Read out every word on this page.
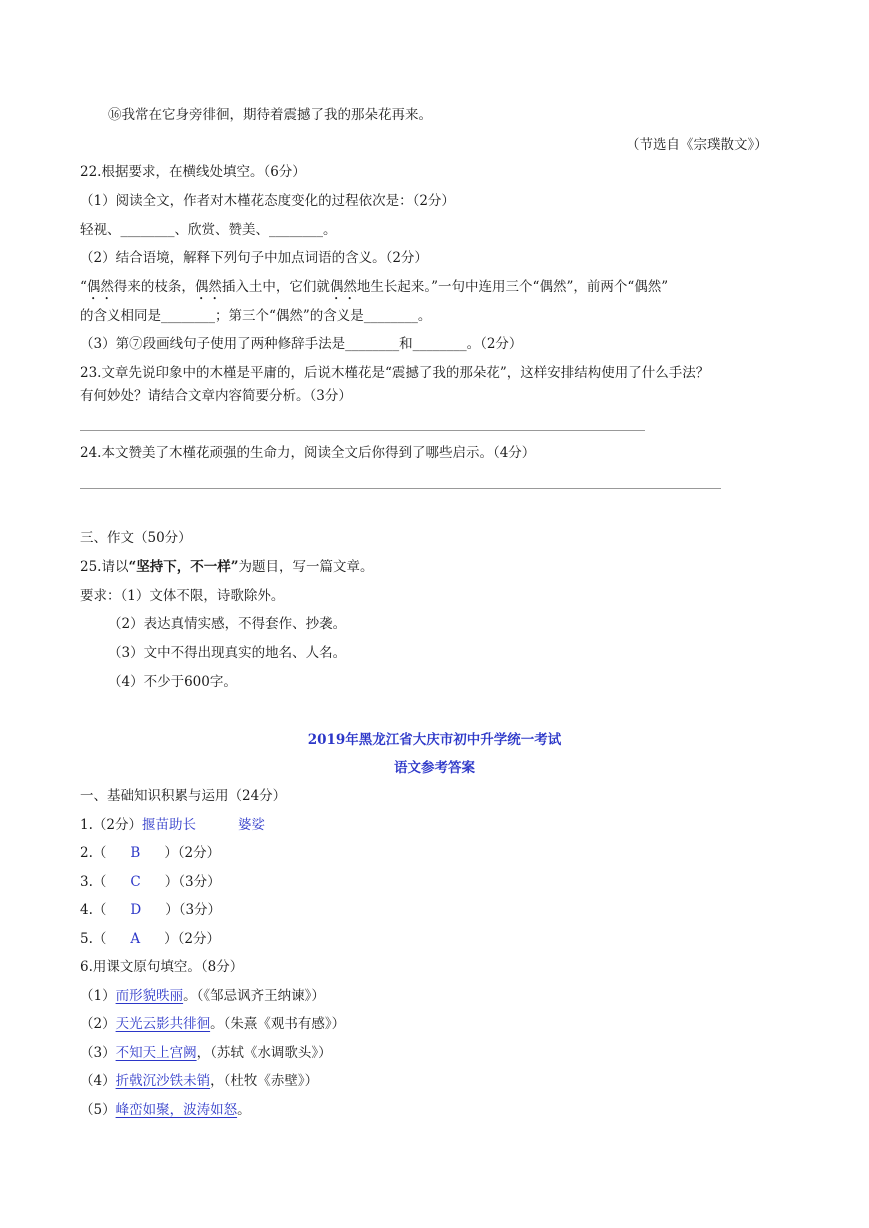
⑯我常在它身旁徘徊，期待着震撼了我的那朵花再来。
（节选自《宗璞散文》）
22.根据要求，在横线处填空。（6分）
（1）阅读全文，作者对木槿花态度变化的过程依次是：（2分）
轻视、________、欣赏、赞美、________。
（2）结合语境，解释下列句子中加点词语的含义。（2分）
“偶然得来的枝条，偶然插入土中，它们就偶然地生长起来。”一句中连用三个“偶然”，前两个“偶然”
的含义相同是________；第三个“偶然”的含义是________。
（3）第⑦段画线句子使用了两种修辞手法是________和________。（2分）
23.文章先说印象中的木槿是平庸的，后说木槿花是“震撼了我的那朵花”，这样安排结构使用了什么手法？
有何妙处？请结合文章内容简要分析。（3分）
24.本文赞美了木槿花顽强的生命力，阅读全文后你得到了哪些启示。（4分）
三、作文（50分）
25.请以“坚持下，不一样”为题目，写一篇文章。
要求：（1）文体不限，诗歌除外。
（2）表达真情实感，不得套作、抄袭。
（3）文中不得出现真实的地名、人名。
（4）不少于600字。
2019年黑龙江省大庆市初中升学统一考试
语文参考答案
一、基础知识积累与运用（24分）
1.（2分）揠苗助长	婆娑
2.（ B ）（2分）
3.（ C ）（3分）
4.（ D ）（3分）
5.（ A ）（2分）
6.用课文原句填空。（8分）
（1）而形貌昳丽。（《邹忌讽齐王纳谏》）
（2）天光云影共徘徊。（朱熹《观书有感》）
（3）不知天上宫阙，（苏轼《水调歌头》）
（4）折戟沉沙铁未销，（杜牧《赤壁》）
（5）峰峦如聚，波涛如怒。
